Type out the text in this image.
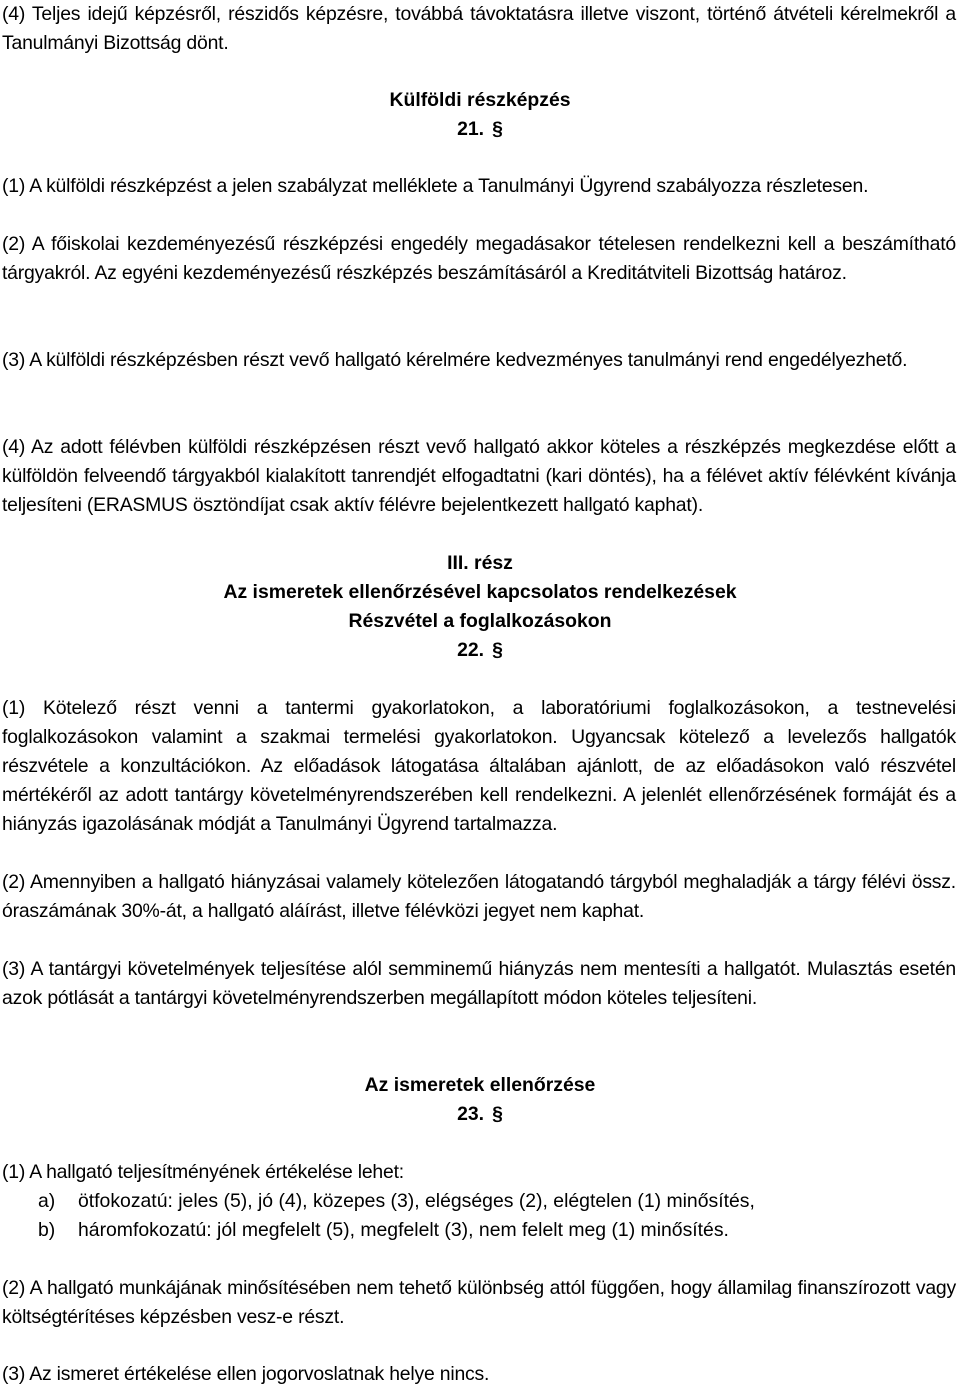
(4) Teljes idejű képzésről, részidős képzésre, továbbá távoktatásra illetve viszont, történő átvételi kérelmekről a Tanulmányi Bizottság dönt.
Külföldi részképzés
21. §
(1) A külföldi részképzést a jelen szabályzat melléklete a Tanulmányi Ügyrend szabályozza részletesen.
(2) A főiskolai kezdeményezésű részképzési engedély megadásakor tételesen rendelkezni kell a beszámítható tárgyakról. Az egyéni kezdeményezésű részképzés beszámításáról a Kreditátviteli Bizottság határoz.
(3) A külföldi részképzésben részt vevő hallgató kérelmére kedvezményes tanulmányi rend engedélyezhető.
(4) Az adott félévben külföldi részképzésen részt vevő hallgató akkor köteles a részképzés megkezdése előtt a külföldön felveendő tárgyakból kialakított tanrendjét elfogadtatni (kari döntés), ha a félévet aktív félévként kívánja teljesíteni (ERASMUS ösztöndíjat csak aktív félévre bejelentkezett hallgató kaphat).
III. rész
Az ismeretek ellenőrzésével kapcsolatos rendelkezések
Részvétel a foglalkozásokon
22. §
(1) Kötelező részt venni a tantermi gyakorlatokon, a laboratóriumi foglalkozásokon, a testnevelési foglalkozásokon valamint a szakmai termelési gyakorlatokon. Ugyancsak kötelező a levelezős hallgatók részvétele a konzultációkon. Az előadások látogatása általában ajánlott, de az előadásokon való részvétel mértékéről az adott tantárgy követelményrendszerében kell rendelkezni. A jelenlét ellenőrzésének formáját és a hiányzás igazolásának módját a Tanulmányi Ügyrend tartalmazza.
(2) Amennyiben a hallgató hiányzásai valamely kötelezően látogatandó tárgyból meghaladják a tárgy félévi össz. óraszámának 30%-át, a hallgató aláírást, illetve félévközi jegyet nem kaphat.
(3) A tantárgyi követelmények teljesítése alól semminemű hiányzás nem mentesíti a hallgatót. Mulasztás esetén azok pótlását a tantárgyi követelményrendszerben megállapított módon köteles teljesíteni.
Az ismeretek ellenőrzése
23. §
(1) A hallgató teljesítményének értékelése lehet:
a) ötfokozatú: jeles (5), jó (4), közepes (3), elégséges (2), elégtelen (1) minősítés,
b) háromfokozatú: jól megfelelt (5), megfelelt (3), nem felelt meg (1) minősítés.
(2) A hallgató munkájának minősítésében nem tehető különbség attól függően, hogy államilag finanszírozott vagy költségtérítéses képzésben vesz-e részt.
(3) Az ismeret értékelése ellen jogorvoslatnak helye nincs.
